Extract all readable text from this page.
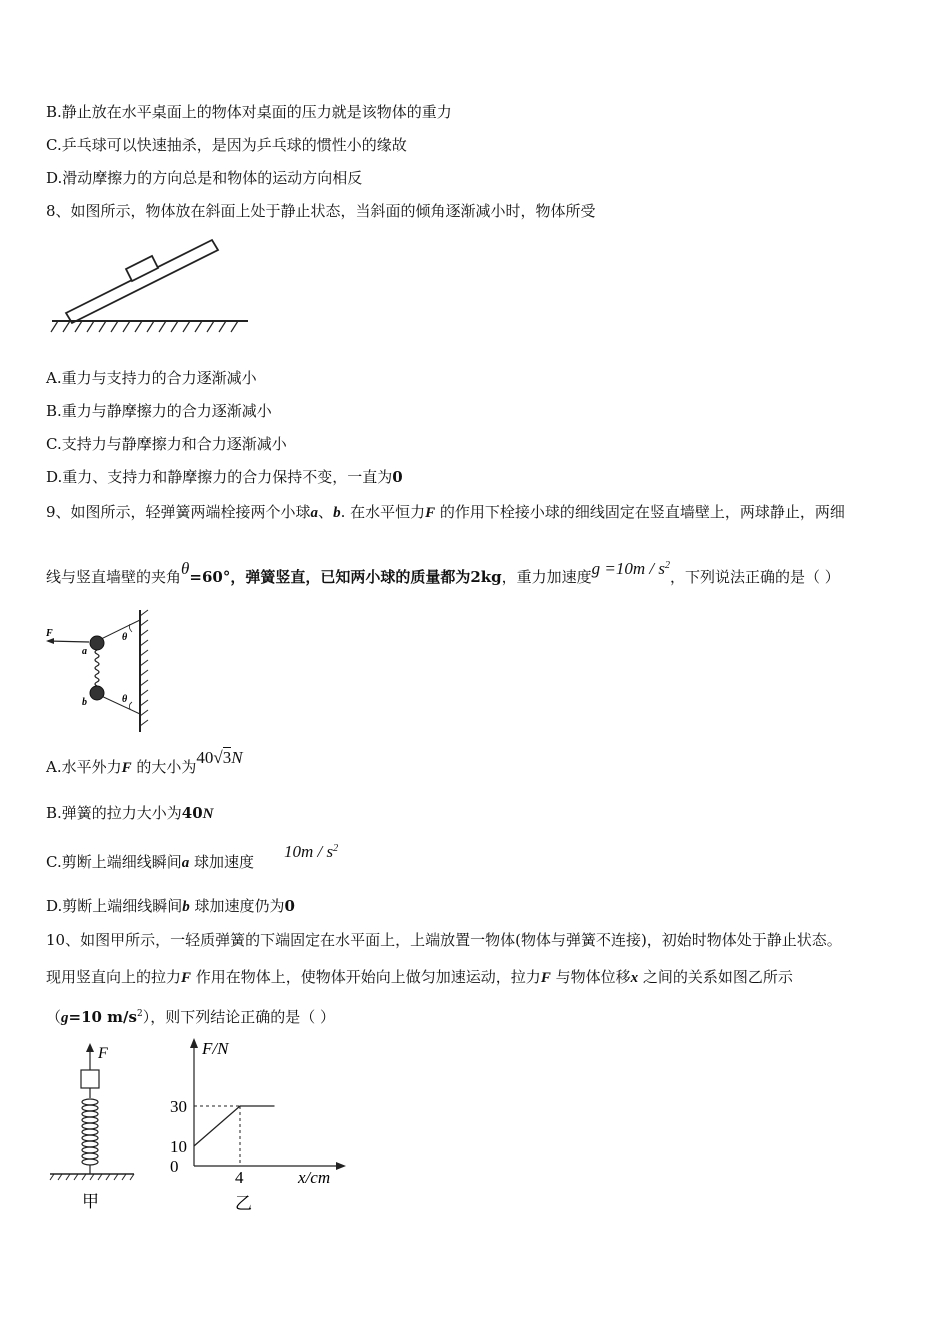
B.静止放在水平桌面上的物体对桌面的压力就是该物体的重力
C.乒乓球可以快速抽杀，是因为乒乓球的惯性小的缘故
D.滑动摩擦力的方向总是和物体的运动方向相反
8、如图所示，物体放在斜面上处于静止状态，当斜面的倾角逐渐减小时，物体所受
A.重力与支持力的合力逐渐减小
B.重力与静摩擦力的合力逐渐减小
C.支持力与静摩擦力和合力逐渐减小
D.重力、支持力和静摩擦力的合力保持不变，一直为0
9、如图所示，轻弹簧两端栓接两个小球a、b. 在水平恒力F 的作用下栓接小球的细线固定在竖直墙壁上，两球静止，两细
线与竖直墙壁的夹角θ=60°，弹簧竖直，已知两小球的质量都为2kg，重力加速度$g =10m / s^2$，下列说法正确的是（ ）
F
a
b
θ
θ
A.水平外力F 的大小为40√3N
B.弹簧的拉力大小为40N
C.剪断上端细线瞬间a 球加速度$10m / s^2$
D.剪断上端细线瞬间b 球加速度仍为0
10、如图甲所示，一轻质弹簧的下端固定在水平面上，上端放置一物体(物体与弹簧不连接)，初始时物体处于静止状态。
现用竖直向上的拉力F 作用在物体上，使物体开始向上做匀加速运动，拉力F 与物体位移x 之间的关系如图乙所示
（g=10 $m/s^2$），则下列结论正确的是（ ）
F
甲
F/N
x/cm
30
10
0
4
乙
